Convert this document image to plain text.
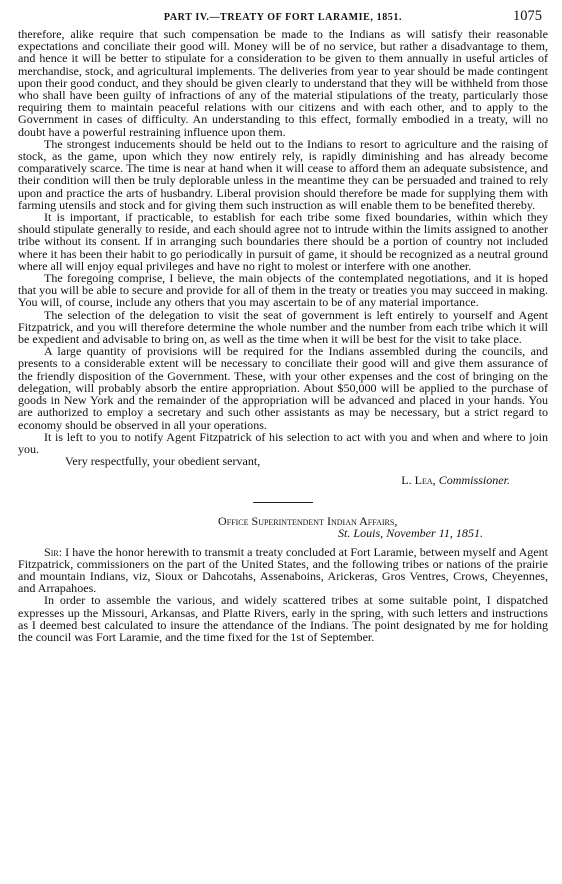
PART IV.—TREATY OF FORT LARAMIE, 1851.	1075

therefore, alike require that such compensation be made to the Indians as will satisfy their reasonable expectations and conciliate their good will. Money will be of no service, but rather a disadvantage to them, and hence it will be better to stipulate for a consideration to be given to them annually in useful articles of merchandise, stock, and agricultural implements. The deliveries from year to year should be made contingent upon their good conduct, and they should be given clearly to understand that they will be withheld from those who shall have been guilty of infractions of any of the material stipulations of the treaty, particularly those requiring them to maintain peaceful relations with our citizens and with each other, and to apply to the Government in cases of difficulty. An understanding to this effect, formally embodied in a treaty, will no doubt have a powerful restraining influence upon them.

The strongest inducements should be held out to the Indians to resort to agriculture and the raising of stock, as the game, upon which they now entirely rely, is rapidly diminishing and has already become comparatively scarce. The time is near at hand when it will cease to afford them an adequate subsistence, and their condition will then be truly deplorable unless in the meantime they can be persuaded and trained to rely upon and practice the arts of husbandry. Liberal provision should therefore be made for supplying them with farming utensils and stock and for giving them such instruction as will enable them to be benefited thereby.

It is important, if practicable, to establish for each tribe some fixed boundaries, within which they should stipulate generally to reside, and each should agree not to intrude within the limits assigned to another tribe without its consent. If in arranging such boundaries there should be a portion of country not included where it has been their habit to go periodically in pursuit of game, it should be recognized as a neutral ground where all will enjoy equal privileges and have no right to molest or interfere with one another.

The foregoing comprise, I believe, the main objects of the contemplated negotiations, and it is hoped that you will be able to secure and provide for all of them in the treaty or treaties you may succeed in making. You will, of course, include any others that you may ascertain to be of any material importance.

The selection of the delegation to visit the seat of government is left entirely to yourself and Agent Fitzpatrick, and you will therefore determine the whole number and the number from each tribe which it will be expedient and advisable to bring on, as well as the time when it will be best for the visit to take place.

A large quantity of provisions will be required for the Indians assembled during the councils, and presents to a considerable extent will be necessary to conciliate their good will and give them assurance of the friendly disposition of the Government. These, with your other expenses and the cost of bringing on the delegation, will probably absorb the entire appropriation. About $50,000 will be applied to the purchase of goods in New York and the remainder of the appropriation will be advanced and placed in your hands. You are authorized to employ a secretary and such other assistants as may be necessary, but a strict regard to economy should be observed in all your operations.

It is left to you to notify Agent Fitzpatrick of his selection to act with you and when and where to join you.

Very respectfully, your obedient servant,

L. Lea, Commissioner.
Office Superintendent Indian Affairs,
St. Louis, November 11, 1851.

Sir: I have the honor herewith to transmit a treaty concluded at Fort Laramie, between myself and Agent Fitzpatrick, commissioners on the part of the United States, and the following tribes or nations of the prairie and mountain Indians, viz, Sioux or Dahcotahs, Assenaboins, Arickeras, Gros Ventres, Crows, Cheyennes, and Arrapahoes.

In order to assemble the various, and widely scattered tribes at some suitable point, I dispatched expresses up the Missouri, Arkansas, and Platte Rivers, early in the spring, with such letters and instructions as I deemed best calculated to insure the attendance of the Indians. The point designated by me for holding the council was Fort Laramie, and the time fixed for the 1st of September.
